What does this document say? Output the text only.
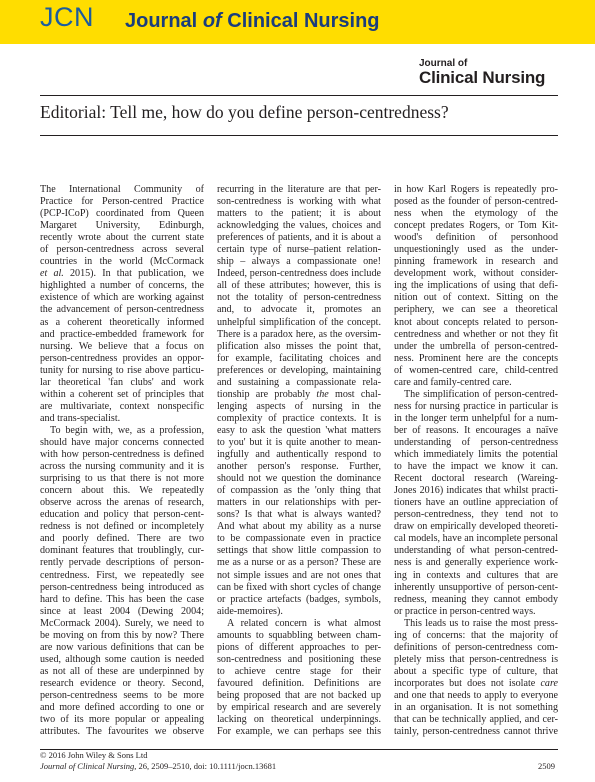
JCN Journal of Clinical Nursing
Journal of
Clinical Nursing
Editorial: Tell me, how do you define person-centredness?
The International Community of
Practice for Person-centred Practice
(PCP-ICoP) coordinated from Queen
Margaret University, Edinburgh,
recently wrote about the current state
of person-centredness across several
countries in the world (McCormack
et al. 2015). In that publication, we
highlighted a number of concerns, the
existence of which are working against
the advancement of person-centredness
as a coherent theoretically informed
and practice-embedded framework for
nursing. We believe that a focus on
person-centredness provides an oppor-
tunity for nursing to rise above particu-
lar theoretical 'fan clubs' and work
within a coherent set of principles that
are multivariate, context nonspecific
and trans-specialist.
To begin with, we, as a profession,
should have major concerns connected
with how person-centredness is defined
across the nursing community and it is
surprising to us that there is not more
concern about this. We repeatedly
observe across the arenas of research,
education and policy that person-cent-
redness is not defined or incompletely
and poorly defined. There are two
dominant features that troublingly, cur-
rently pervade descriptions of person-
centredness. First, we repeatedly see
person-centredness being introduced as
hard to define. This has been the case
since at least 2004 (Dewing 2004;
McCormack 2004). Surely, we need to
be moving on from this by now? There
are now various definitions that can be
used, although some caution is needed
as not all of these are underpinned by
research evidence or theory. Second,
person-centredness seems to be more
and more defined according to one or
two of its more popular or appealing
attributes. The favourites we observe
recurring in the literature are that per-
son-centredness is working with what
matters to the patient; it is about
acknowledging the values, choices and
preferences of patients, and it is about a
certain type of nurse–patient relation-
ship – always a compassionate one!
Indeed, person-centredness does include
all of these attributes; however, this is
not the totality of person-centredness
and, to advocate it, promotes an
unhelpful simplification of the concept.
There is a paradox here, as the oversim-
plification also misses the point that,
for example, facilitating choices and
preferences or developing, maintaining
and sustaining a compassionate rela-
tionship are probably the most chal-
lenging aspects of nursing in the
complexity of practice contexts. It is
easy to ask the question 'what matters
to you' but it is quite another to mean-
ingfully and authentically respond to
another person's response. Further,
should not we question the dominance
of compassion as the 'only thing that
matters in our relationships with per-
sons? Is that what is always wanted?
And what about my ability as a nurse
to be compassionate even in practice
settings that show little compassion to
me as a nurse or as a person? These are
not simple issues and are not ones that
can be fixed with short cycles of change
or practice artefacts (badges, symbols,
aide-memoires).
A related concern is what almost
amounts to squabbling between cham-
pions of different approaches to per-
son-centredness and positioning these
to achieve centre stage for their
favoured definition. Definitions are
being proposed that are not backed up
by empirical research and are severely
lacking on theoretical underpinnings.
For example, we can perhaps see this
in how Karl Rogers is repeatedly pro-
posed as the founder of person-centred-
ness when the etymology of the
concept predates Rogers, or Tom Kit-
wood's definition of personhood
unquestioningly used as the under-
pinning framework in research and
development work, without consider-
ing the implications of using that defi-
nition out of context. Sitting on the
periphery, we can see a theoretical
knot about concepts related to person-
centredness and whether or not they fit
under the umbrella of person-centred-
ness. Prominent here are the concepts
of women-centred care, child-centred
care and family-centred care.
The simplification of person-centred-
ness for nursing practice in particular is
in the longer term unhelpful for a num-
ber of reasons. It encourages a naïve
understanding of person-centredness
which immediately limits the potential
to have the impact we know it can.
Recent doctoral research (Wareing-
Jones 2016) indicates that whilst practi-
tioners have an outline appreciation of
person-centredness, they tend not to
draw on empirically developed theoreti-
cal models, have an incomplete personal
understanding of what person-centred-
ness is and generally experience work-
ing in contexts and cultures that are
inherently unsupportive of person-cent-
redness, meaning they cannot embody
or practice in person-centred ways.
This leads us to raise the most press-
ing of concerns: that the majority of
definitions of person-centredness com-
pletely miss that person-centredness is
about a specific type of culture, that
incorporates but does not isolate care
and one that needs to apply to everyone
in an organisation. It is not something
that can be technically applied, and cer-
tainly, person-centredness cannot thrive
© 2016 John Wiley & Sons Ltd
Journal of Clinical Nursing, 26, 2509–2510, doi: 10.1111/jocn.13681	2509
